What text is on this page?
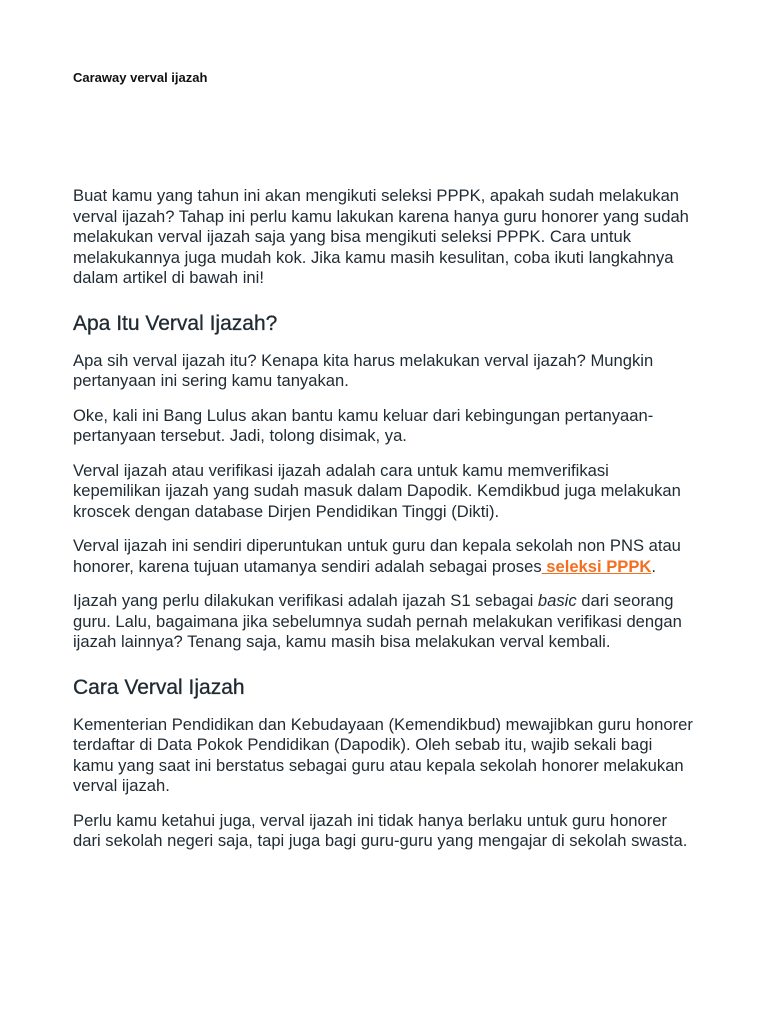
Caraway verval ijazah

Buat kamu yang tahun ini akan mengikuti seleksi PPPK, apakah sudah melakukan verval ijazah? Tahap ini perlu kamu lakukan karena hanya guru honorer yang sudah melakukan verval ijazah saja yang bisa mengikuti seleksi PPPK. Cara untuk melakukannya juga mudah kok. Jika kamu masih kesulitan, coba ikuti langkahnya dalam artikel di bawah ini!

Apa Itu Verval Ijazah?

Apa sih verval ijazah itu? Kenapa kita harus melakukan verval ijazah? Mungkin pertanyaan ini sering kamu tanyakan.

Oke, kali ini Bang Lulus akan bantu kamu keluar dari kebingungan pertanyaan-pertanyaan tersebut. Jadi, tolong disimak, ya.

Verval ijazah atau verifikasi ijazah adalah cara untuk kamu memverifikasi kepemilikan ijazah yang sudah masuk dalam Dapodik. Kemdikbud juga melakukan kroscek dengan database Dirjen Pendidikan Tinggi (Dikti).

Verval ijazah ini sendiri diperuntukan untuk guru dan kepala sekolah non PNS atau honorer, karena tujuan utamanya sendiri adalah sebagai proses seleksi PPPK.

Ijazah yang perlu dilakukan verifikasi adalah ijazah S1 sebagai basic dari seorang guru. Lalu, bagaimana jika sebelumnya sudah pernah melakukan verifikasi dengan ijazah lainnya? Tenang saja, kamu masih bisa melakukan verval kembali.

Cara Verval Ijazah

Kementerian Pendidikan dan Kebudayaan (Kemendikbud) mewajibkan guru honorer terdaftar di Data Pokok Pendidikan (Dapodik). Oleh sebab itu, wajib sekali bagi kamu yang saat ini berstatus sebagai guru atau kepala sekolah honorer melakukan verval ijazah.

Perlu kamu ketahui juga, verval ijazah ini tidak hanya berlaku untuk guru honorer dari sekolah negeri saja, tapi juga bagi guru-guru yang mengajar di sekolah swasta.
